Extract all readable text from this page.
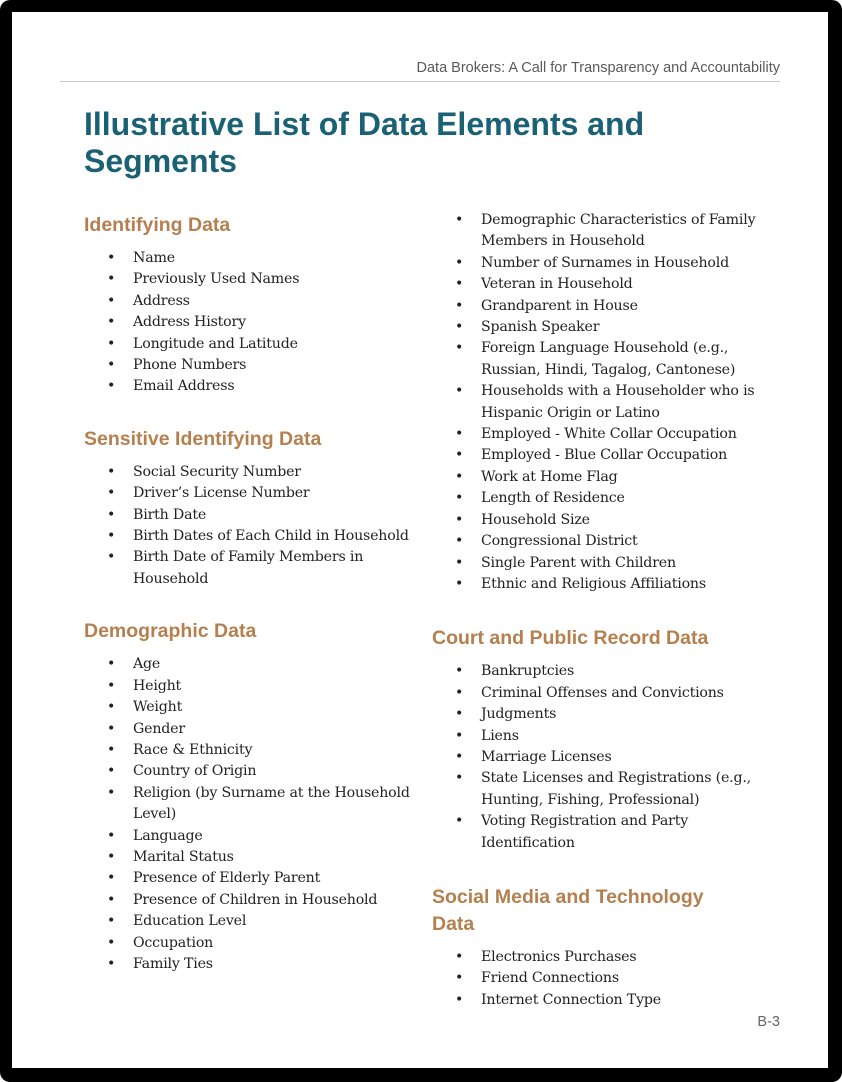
Data Brokers: A Call for Transparency and Accountability
Illustrative List of Data Elements and Segments
Identifying Data
• Name
• Previously Used Names
• Address
• Address History
• Longitude and Latitude
• Phone Numbers
• Email Address
Sensitive Identifying Data
• Social Security Number
• Driver’s License Number
• Birth Date
• Birth Dates of Each Child in Household
• Birth Date of Family Members in Household
Demographic Data
• Age
• Height
• Weight
• Gender
• Race & Ethnicity
• Country of Origin
• Religion (by Surname at the Household Level)
• Language
• Marital Status
• Presence of Elderly Parent
• Presence of Children in Household
• Education Level
• Occupation
• Family Ties
• Demographic Characteristics of Family Members in Household
• Number of Surnames in Household
• Veteran in Household
• Grandparent in House
• Spanish Speaker
• Foreign Language Household (e.g., Russian, Hindi, Tagalog, Cantonese)
• Households with a Householder who is Hispanic Origin or Latino
• Employed - White Collar Occupation
• Employed - Blue Collar Occupation
• Work at Home Flag
• Length of Residence
• Household Size
• Congressional District
• Single Parent with Children
• Ethnic and Religious Affiliations
Court and Public Record Data
• Bankruptcies
• Criminal Offenses and Convictions
• Judgments
• Liens
• Marriage Licenses
• State Licenses and Registrations (e.g., Hunting, Fishing, Professional)
• Voting Registration and Party Identification
Social Media and Technology Data
• Electronics Purchases
• Friend Connections
• Internet Connection Type
B-3
